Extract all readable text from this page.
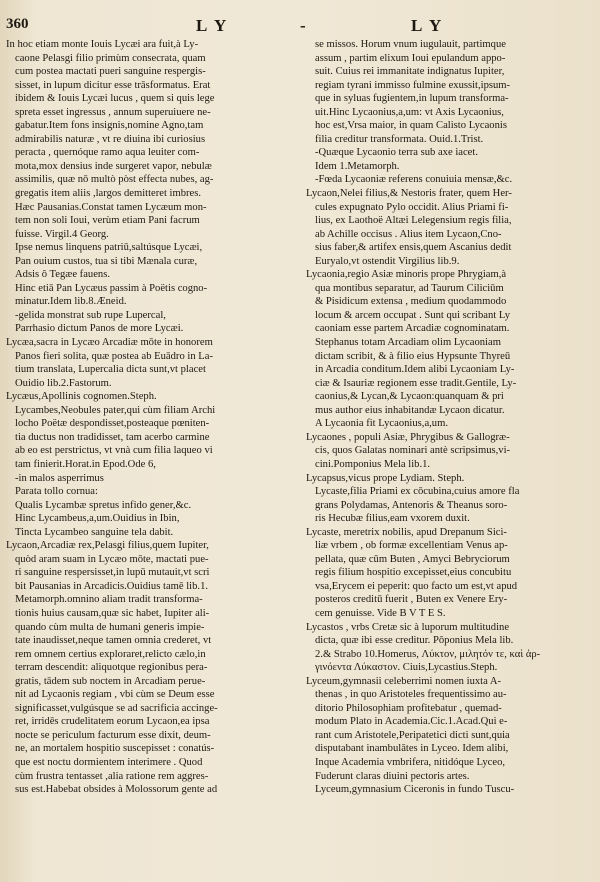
360	L Y	-	L Y
In hoc etiam monte Iouis Lycæi ara fuit,à Ly-
caone Pelasgi filio primùm consecrata, quam
cum postea mactati pueri sanguine respergis-
sisset, in lupum dicitur esse trāsformatus. Erat
ibidem & Iouis Lycæi lucus , quem si quis lege
spreta esset ingressus , annum superuiuere ne-
gabatur.Item fons insignis,nomine Agno,tam
admirabilis naturæ , vt re diuina ibi curiosius
peracta , quernóque ramo aqua leuiter com-
mota,mox densius inde surgeret vapor, nebulæ
assimilis, quæ nō multò pòst effecta nubes, ag-
gregatis item aliis ,largos demitteret imbres.
Hæc Pausanias.Constat tamen Lycæum mon-
tem non soli Ioui, verùm etiam Pani facrum
fuisse. Virgil.4 Georg.
Ipse nemus linquens patriū,saltúsque Lycæi,
Pan ouium custos, tua si tibi Mænala curæ,
Adsis ô Tegæe fauens.
Hinc etiā Pan Lycæus passim à Poëtis cogno-
minatur.Idem lib.8.Æneid.
-gelida monstrat sub rupe Lupercal,
Parrhasio dictum Panos de more Lycæi.
Lycæa,sacra in Lycæo Arcadiæ mōte in honorem
Panos fieri solita, quæ postea ab Euādro in La-
tium translata, Lupercalia dicta sunt,vt placet
Ouidio lib.2.Fastorum.
Lycæus,Apollinis cognomen.Steph.
Lycambes,Neobules pater,qui cùm filiam Archi
locho Poëtæ despondisset,posteaque pœniten-
tia ductus non tradidisset, tam acerbo carmine
ab eo est perstrictus, vt vnà cum filia laqueo vi
tam finierit.Horat.in Epod.Ode 6,
-in malos asperrimus
Parata tollo cornua:
Qualis Lycambæ spretus infido gener,&c.
Hinc Lycambeus,a,um.Ouidius in Ibin,
Tincta Lycambeo sanguine tela dabit.
Lycaon,Arcadiæ rex,Pelasgi filius,quem Iupiter,
quòd aram suam in Lycæo mōte, mactati pue-
ri sanguine respersisset,in lupū mutauit,vt scri
bit Pausanias in Arcadicis.Ouidius tamē lib.1.
Metamorph.omnino aliam tradit transforma-
tionis huius causam,quæ sic habet, Iupiter ali-
quando cùm multa de humani generis impie-
tate inaudisset,neque tamen omnia crederet, vt
rem omnem certius exploraret,relicto cælo,in
terram descendit: aliquotque regionibus pera-
gratis, tādem sub noctem in Arcadiam perue-
nit ad Lycaonis regiam , vbi cùm se Deum esse
significasset,vulgúsque se ad sacrificia accinge-
ret, irridēs crudelitatem eorum Lycaon,ea ipsa
nocte se periculum facturum esse dixit, deum-
ne, an mortalem hospitio suscepisset : conatús-
que est noctu dormientem interimere . Quod
cùm frustra tentasset ,alia ratione rem aggres-
sus est.Habebat obsides à Molossorum gente ad
se missos. Horum vnum iugulauit, partimque
assum , partim elixum Ioui epulandum appo-
suit. Cuius rei immanitate indignatus Iupiter,
regiam tyrani immisso fulmine exussit,ipsum-
que in syluas fugientem,in lupum transforma-
uit.Hinc Lycaonius,a,um: vt Axis Lycaonius,
hoc est,Vrsa maior, in quam Calisto Lycaonis
filia creditur transformata. Ouid.1.Trist.
-Quæque Lycaonio terra sub axe iacet.
Idem 1.Metamorph.
-Fœda Lycaoniæ referens conuiuia mensæ,&c.
Lycaon,Nelei filius,& Nestoris frater, quem Her-
cules expugnato Pylo occidit. Alius Priami fi-
lius, ex Laothoë Altæi Lelegensium regis filia,
ab Achille occisus . Alius item Lycaon,Cno-
sius faber,& artifex ensis,quem Ascanius dedit
Euryalo,vt ostendit Virgilius lib.9.
Lycaonia,regio Asiæ minoris prope Phrygiam,à
qua montibus separatur, ad Taurum Ciliciūm
& Pisidicum extensa , medium quodammodo
locum & arcem occupat . Sunt qui scribant Ly
caoniam esse partem Arcadiæ cognominatam.
Stephanus totam Arcadiam olim Lycaoniam
dictam scribit, & à filio eius Hypsunte Thyreū
in Arcadia conditum.Idem alibi Lycaoniam Ly-
ciæ & Isauriæ regionem esse tradit.Gentile, Ly-
caonius,& Lycan,& Lycaon:quanquam & pri
mus author eius inhabitandæ Lycaon dicatur.
A Lycaonia fit Lycaonius,a,um.
Lycaones , populi Asiæ, Phrygibus & Gallogræ-
cis, quos Galatas nominari antè scripsimus,vi-
cini.Pomponius Mela lib.1.
Lycapsus,vicus prope Lydiam. Steph.
Lycaste,filia Priami ex cōcubina,cuius amore fla
grans Polydamas, Antenoris & Theanus soro-
ris Hecubæ filius,eam vxorem duxit.
Lycaste, meretrix nobilis, apud Drepanum Sici-
liæ vrbem , ob formæ excellentiam Venus ap-
pellata, quæ cūm Buten , Amyci Bebryciorum
regis filium hospitio excepisset,eius concubitu
vsa,Erycem ei peperit: quo facto um est,vt apud
posteros creditū fuerit , Buten ex Venere Ery-
cem genuisse. Vide B V T E S.
Lycastos , vrbs Cretæ sic à luporum multitudine
dicta, quæ ibi esse creditur. Pōponius Mela lib.
2.& Strabo 10.Homerus, Λύκτον, μιλητόν τε, καὶ ἀρ-
γινόεντα Λύκαστον. Ciuis,Lycastius.Steph.
Lyceum,gymnasii celeberrimi nomen iuxta A-
thenas , in quo Aristoteles frequentissimo au-
ditorio Philosophiam profitebatur , quemad-
modum Plato in Academia.Cic.1.Acad.Qui e-
rant cum Aristotele,Peripatetici dicti sunt,quia
disputabant inambulātes in Lyceo. Idem alibi,
Inque Academia vmbrifera, nitidóque Lyceo,
Fuderunt claras diuini pectoris artes.
Lyceum,gymnasium Ciceronis in fundo Tuscu-
